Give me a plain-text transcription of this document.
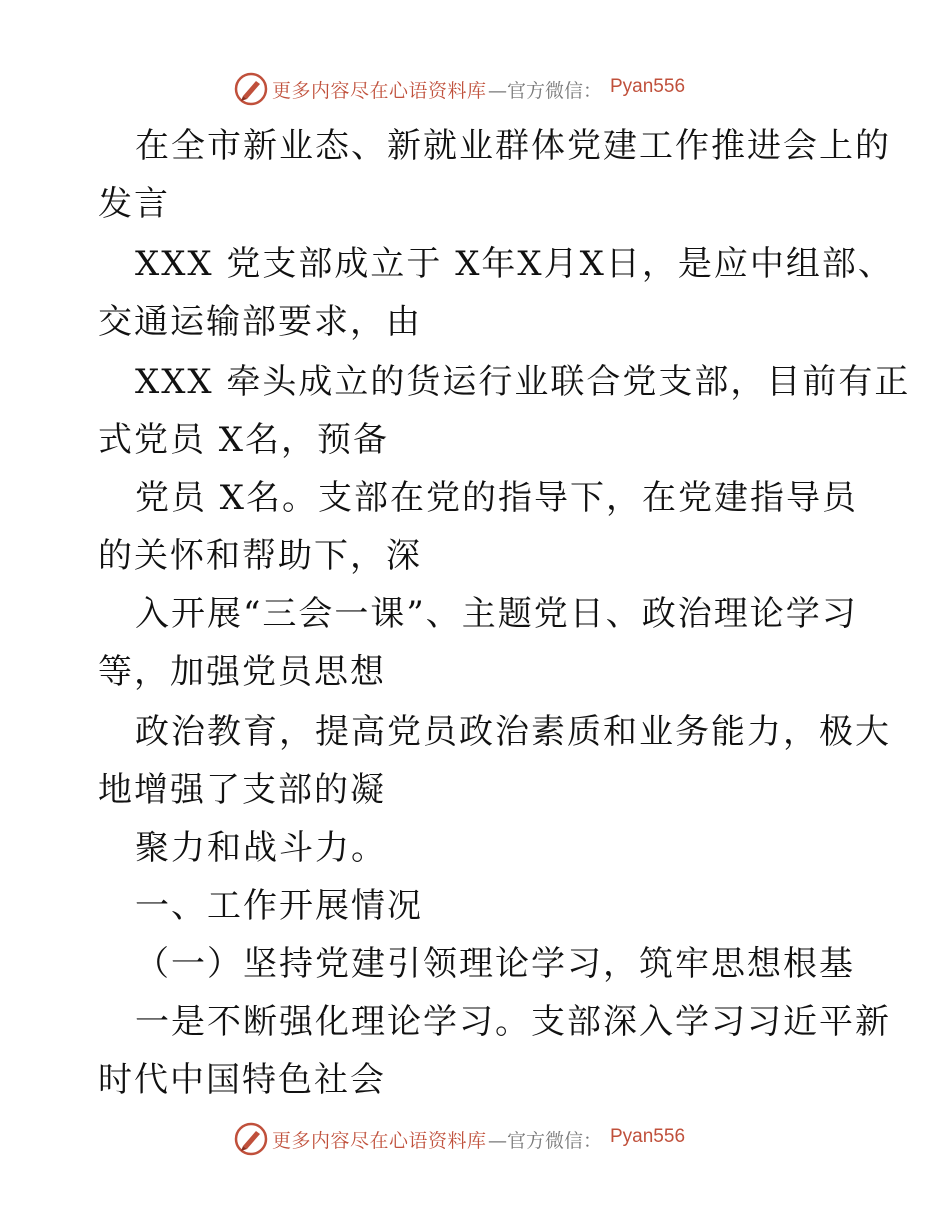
更多内容尽在心语资料库 —官方微信： Pyan556
在全市新业态、新就业群体党建工作推进会上的
发言
XXX 党支部成立于 X年X月X日，是应中组部、
交通运输部要求，由
XXX 牵头成立的货运行业联合党支部，目前有正
式党员 X名，预备
党员 X名。支部在党的指导下，在党建指导员
的关怀和帮助下，深
入开展“三会一课”、主题党日、政治理论学习
等，加强党员思想
政治教育，提高党员政治素质和业务能力，极大
地增强了支部的凝
聚力和战斗力。
一、工作开展情况
（一）坚持党建引领理论学习，筑牢思想根基
一是不断强化理论学习。支部深入学习习近平新
时代中国特色社会
更多内容尽在心语资料库 —官方微信： Pyan556
